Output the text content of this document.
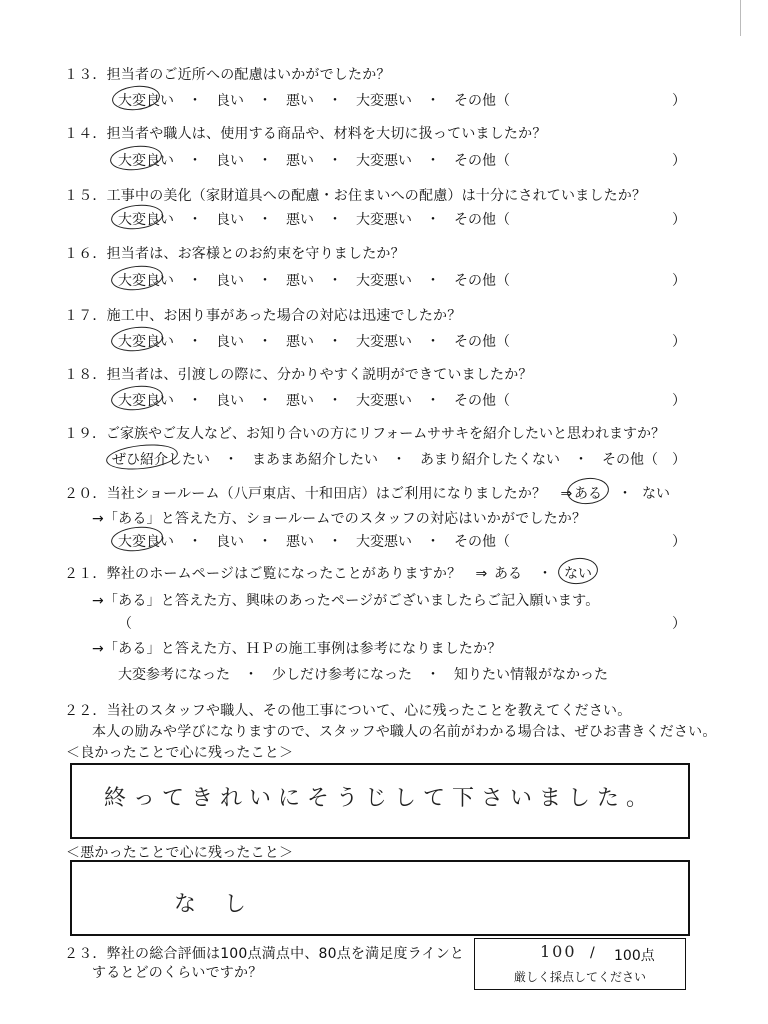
１３．担当者のご近所への配慮はいかがでしたか？
大変良い　・　良い　・　悪い　・　大変悪い　・　その他（	）
１４．担当者や職人は、使用する商品や、材料を大切に扱っていましたか？
大変良い　・　良い　・　悪い　・　大変悪い　・　その他（	）
１５．工事中の美化（家財道具への配慮・お住まいへの配慮）は十分にされていましたか？
大変良い　・　良い　・　悪い　・　大変悪い　・　その他（	）
１６．担当者は、お客様とのお約束を守りましたか？
大変良い　・　良い　・　悪い　・　大変悪い　・　その他（	）
１７．施工中、お困り事があった場合の対応は迅速でしたか？
大変良い　・　良い　・　悪い　・　大変悪い　・　その他（	）
１８．担当者は、引渡しの際に、分かりやすく説明ができていましたか？
大変良い　・　良い　・　悪い　・　大変悪い　・　その他（	）
１９．ご家族やご友人など、お知り合いの方にリフォームササキを紹介したいと思われますか？
ぜひ紹介したい　・　まあまあ紹介したい　・　あまり紹介したくない　・　その他（ ）
２０．当社ショールーム（八戸東店、十和田店）はご利用になりましたか？　⇒ ある ・ ない
→「ある」と答えた方、ショールームでのスタッフの対応はいかがでしたか？
大変良い　・　良い　・　悪い　・　大変悪い　・　その他（	）
２１．弊社のホームページはご覧になったことがありますか？　⇒ ある ・ ない
→「ある」と答えた方、興味のあったページがございましたらご記入願います。
（	）
→「ある」と答えた方、ＨＰの施工事例は参考になりましたか？
大変参考になった　・　少しだけ参考になった　・　知りたい情報がなかった
２２．当社のスタッフや職人、その他工事について、心に残ったことを教えてください。
本人の励みや学びになりますので、スタッフや職人の名前がわかる場合は、ぜひお書きください。
＜良かったことで心に残ったこと＞
終ってきれいにそうじして下さいました。
＜悪かったことで心に残ったこと＞
なし
２３．弊社の総合評価は100点満点中、80点を満足度ラインと
するとどのくらいですか？
100 / 100点
厳しく採点してください
